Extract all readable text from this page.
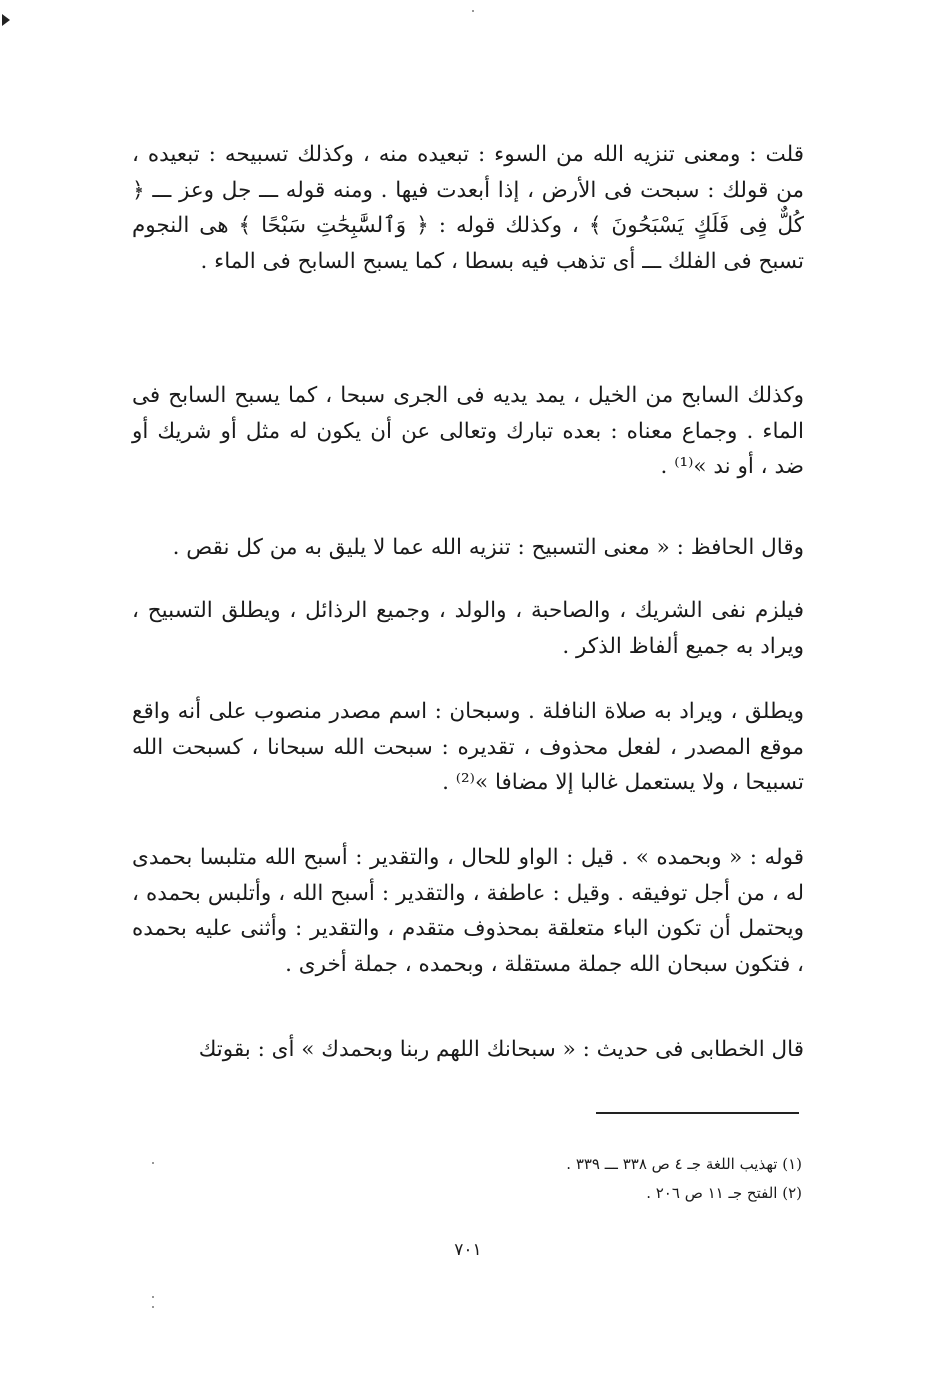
قلت : ومعنى تنزيه الله من السوء : تبعيده منه ، وكذلك تسبيحه : تبعيده ، من قولك : سبحت فى الأرض ، إذا أبعدت فيها . ومنه قوله ـــ جل وعز ـــ ﴿ كُلٌّ فِى فَلَكٍ يَسْبَحُونَ ﴾ ، وكذلك قوله : ﴿ وَٱلسَّٰبِحَٰتِ سَبْحًا ﴾ هى النجوم تسبح فى الفلك ـــ أى تذهب فيه بسطا ، كما يسبح السابح فى الماء .

وكذلك السابح من الخيل ، يمد يديه فى الجرى سبحا ، كما يسبح السابح فى الماء . وجماع معناه : بعده تبارك وتعالى عن أن يكون له مثل أو شريك أو ضد ، أو ند »⁽¹⁾ .

وقال الحافظ : « معنى التسبيح : تنزيه الله عما لا يليق به من كل نقص .

فيلزم نفى الشريك ، والصاحبة ، والولد ، وجميع الرذائل ، ويطلق التسبيح ، ويراد به جميع ألفاظ الذكر .

ويطلق ، ويراد به صلاة النافلة . وسبحان : اسم مصدر منصوب على أنه واقع موقع المصدر ، لفعل محذوف ، تقديره : سبحت الله سبحانا ، كسبحت الله تسبيحا ، ولا يستعمل غالبا إلا مضافا »⁽²⁾ .

قوله : « وبحمده » . قيل : الواو للحال ، والتقدير : أسبح الله متلبسا بحمدى له ، من أجل توفيقه . وقيل : عاطفة ، والتقدير : أسبح الله ، وأتلبس بحمده ، ويحتمل أن تكون الباء متعلقة بمحذوف متقدم ، والتقدير : وأثنى عليه بحمده ، فتكون سبحان الله جملة مستقلة ، وبحمده ، جملة أخرى .

قال الخطابى فى حديث : « سبحانك اللهم ربنا وبحمدك » أى : بقوتك

(١) تهذيب اللغة جـ ٤ ص ٣٣٨ ـــ ٣٣٩ .

(٢) الفتح جـ ١١ ص ٢٠٦ .

٧٠١
